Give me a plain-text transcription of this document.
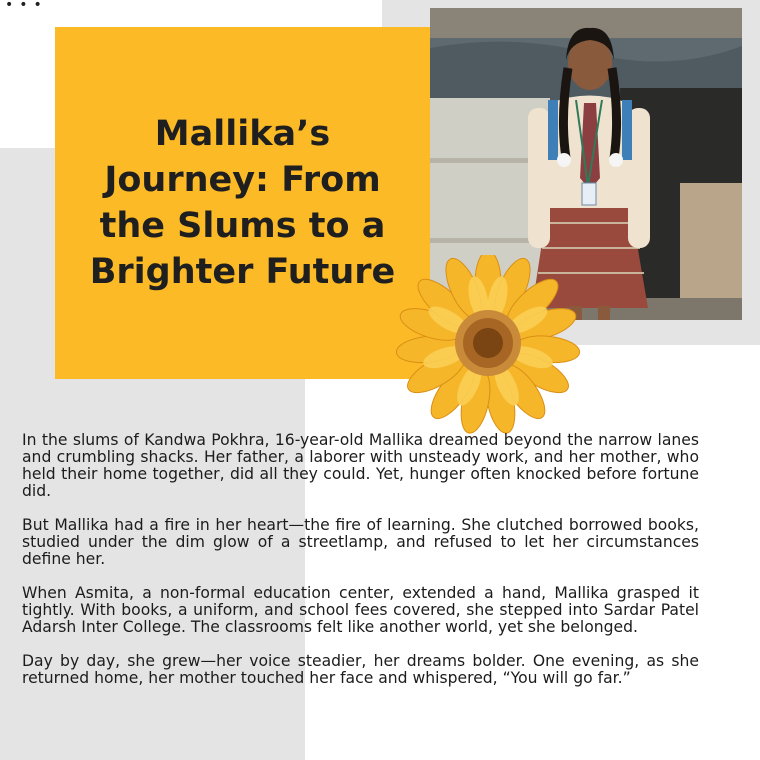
•••
Mallika’s Journey: From the Slums to a Brighter Future

In the slums of Kandwa Pokhra, 16-year-old Mallika dreamed beyond the narrow lanes and crumbling shacks. Her father, a laborer with unsteady work, and her mother, who held their home together, did all they could. Yet, hunger often knocked before fortune did.

But Mallika had a fire in her heart—the fire of learning. She clutched borrowed books, studied under the dim glow of a streetlamp, and refused to let her circumstances define her.

When Asmita, a non-formal education center, extended a hand, Mallika grasped it tightly. With books, a uniform, and school fees covered, she stepped into Sardar Patel Adarsh Inter College. The classrooms felt like another world, yet she belonged.

Day by day, she grew—her voice steadier, her dreams bolder. One evening, as she returned home, her mother touched her face and whispered, “You will go far.”
